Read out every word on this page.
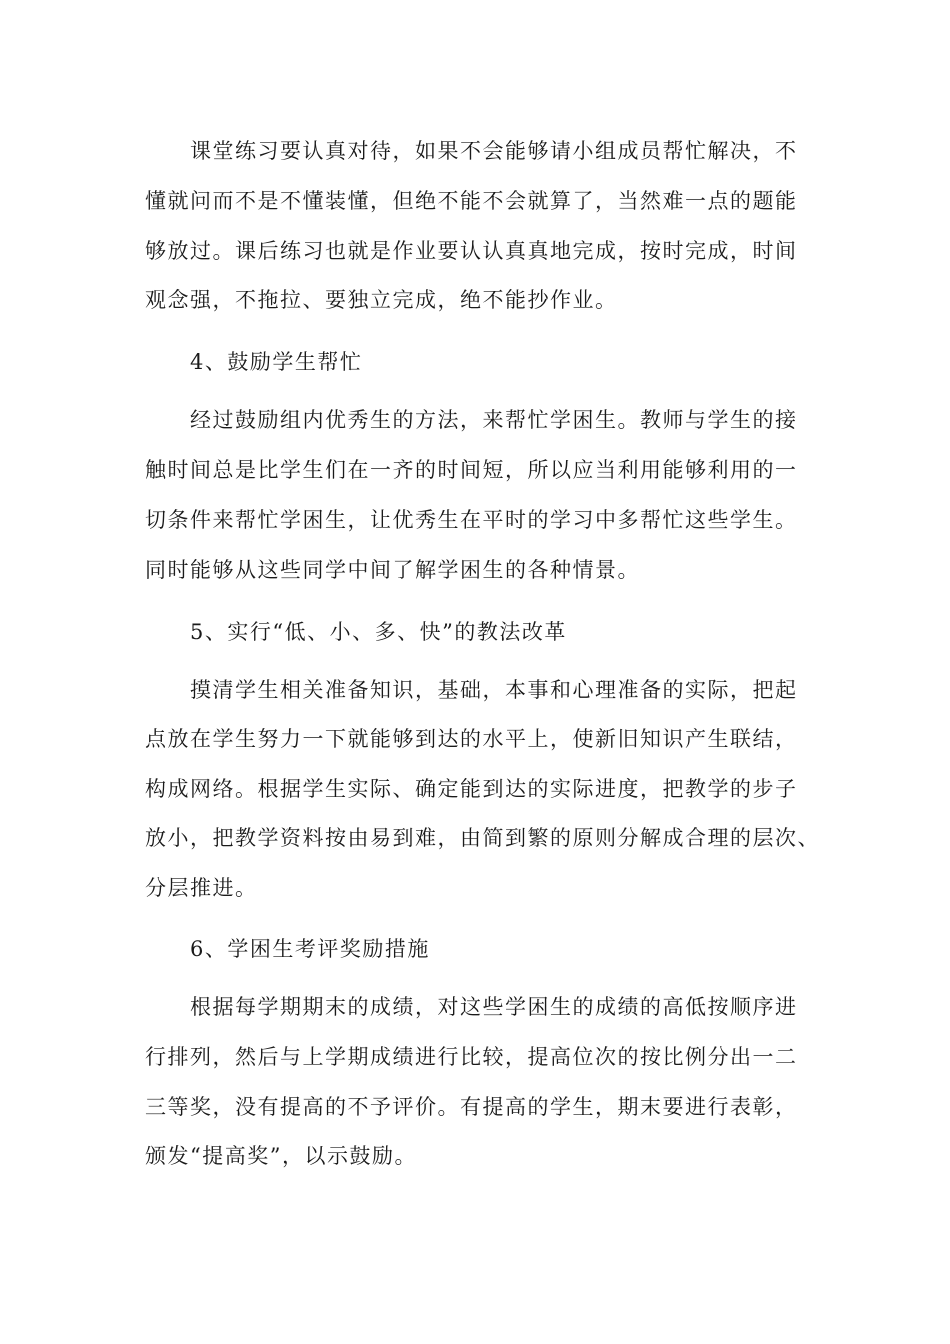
课堂练习要认真对待，如果不会能够请小组成员帮忙解决，不

懂就问而不是不懂装懂，但绝不能不会就算了，当然难一点的题能

够放过。课后练习也就是作业要认认真真地完成，按时完成，时间

观念强，不拖拉、要独立完成，绝不能抄作业。

4、鼓励学生帮忙

经过鼓励组内优秀生的方法，来帮忙学困生。教师与学生的接

触时间总是比学生们在一齐的时间短，所以应当利用能够利用的一

切条件来帮忙学困生，让优秀生在平时的学习中多帮忙这些学生。

同时能够从这些同学中间了解学困生的各种情景。

5、实行“低、小、多、快”的教法改革

摸清学生相关准备知识，基础，本事和心理准备的实际，把起

点放在学生努力一下就能够到达的水平上，使新旧知识产生联结，

构成网络。根据学生实际、确定能到达的实际进度，把教学的步子

放小，把教学资料按由易到难，由简到繁的原则分解成合理的层次、

分层推进。

6、学困生考评奖励措施

根据每学期期末的成绩，对这些学困生的成绩的高低按顺序进

行排列，然后与上学期成绩进行比较，提高位次的按比例分出一二

三等奖，没有提高的不予评价。有提高的学生，期末要进行表彰，

颁发“提高奖”，以示鼓励。
